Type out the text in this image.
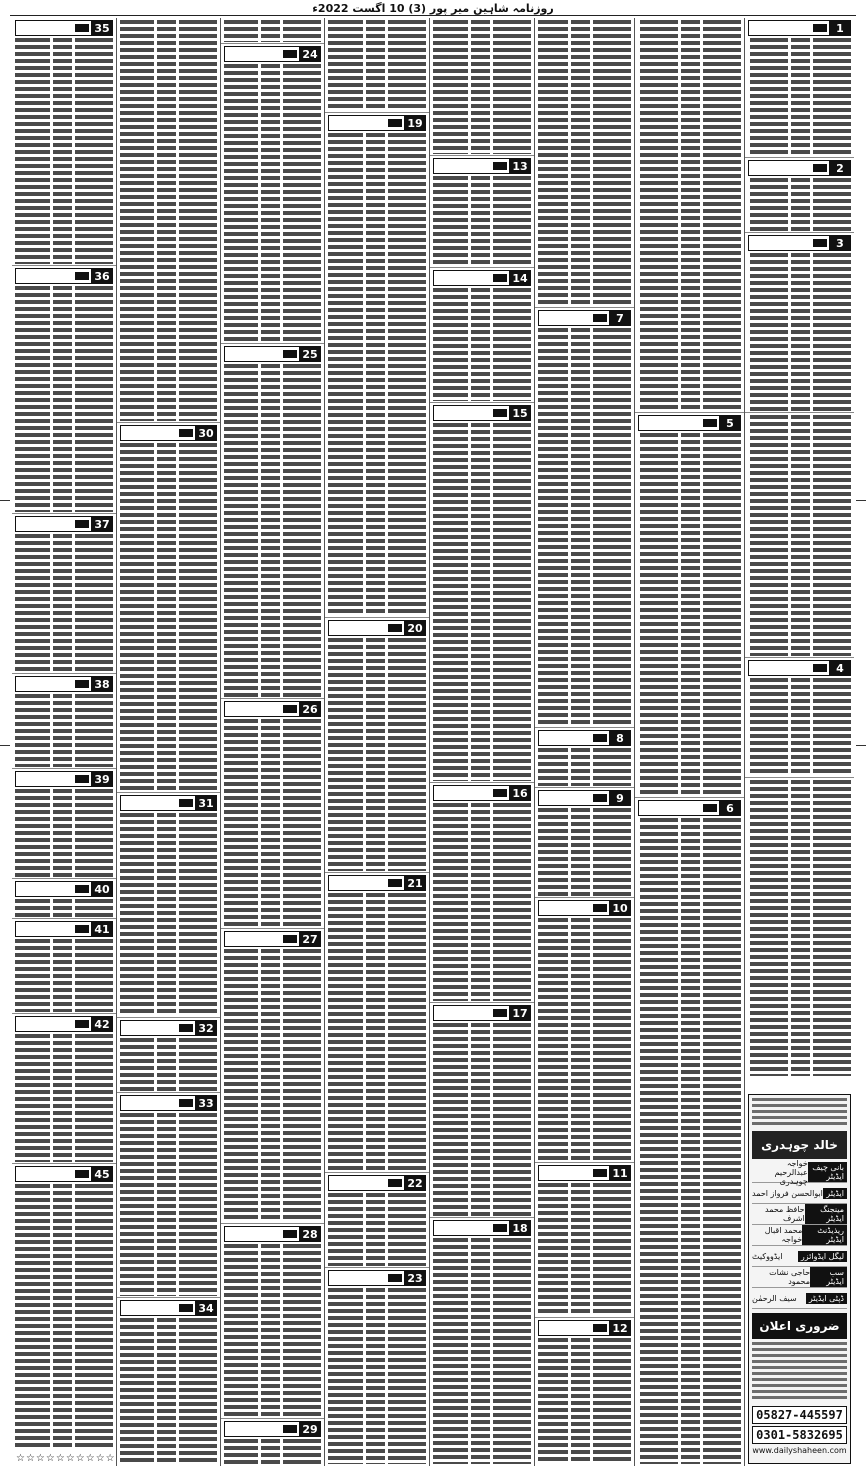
روزنامہ شاہین میر پور (3) 10 اگست 2022ء
1
2
3
4
خالد چوہدری
بانی چیف ایڈیٹر
خواجہ عبدالرحیم چوہدری
ایڈیٹر
ابوالحسن فرواز احمد
مینجنگ ایڈیٹر
حافظ محمد اشرف
ریذیڈنٹ ایڈیٹر
محمد اقبال خواجہ
لیگل ایڈوائزر
ایڈووکیٹ
سب ایڈیٹر
حاجی نشات محمود
ڈپٹی ایڈیٹر
سیف الرحمٰن
ضروری اعلان
05827-445597
0301-5832695
www.dailyshaheen.com
5
6
7
8
9
10
11
12
13
14
15
16
17
18
19
20
21
22
23
24
25
26
27
28
29
30
31
32
33
34
35
36
37
38
39
40
41
42
45
☆☆☆☆☆☆☆☆☆☆
